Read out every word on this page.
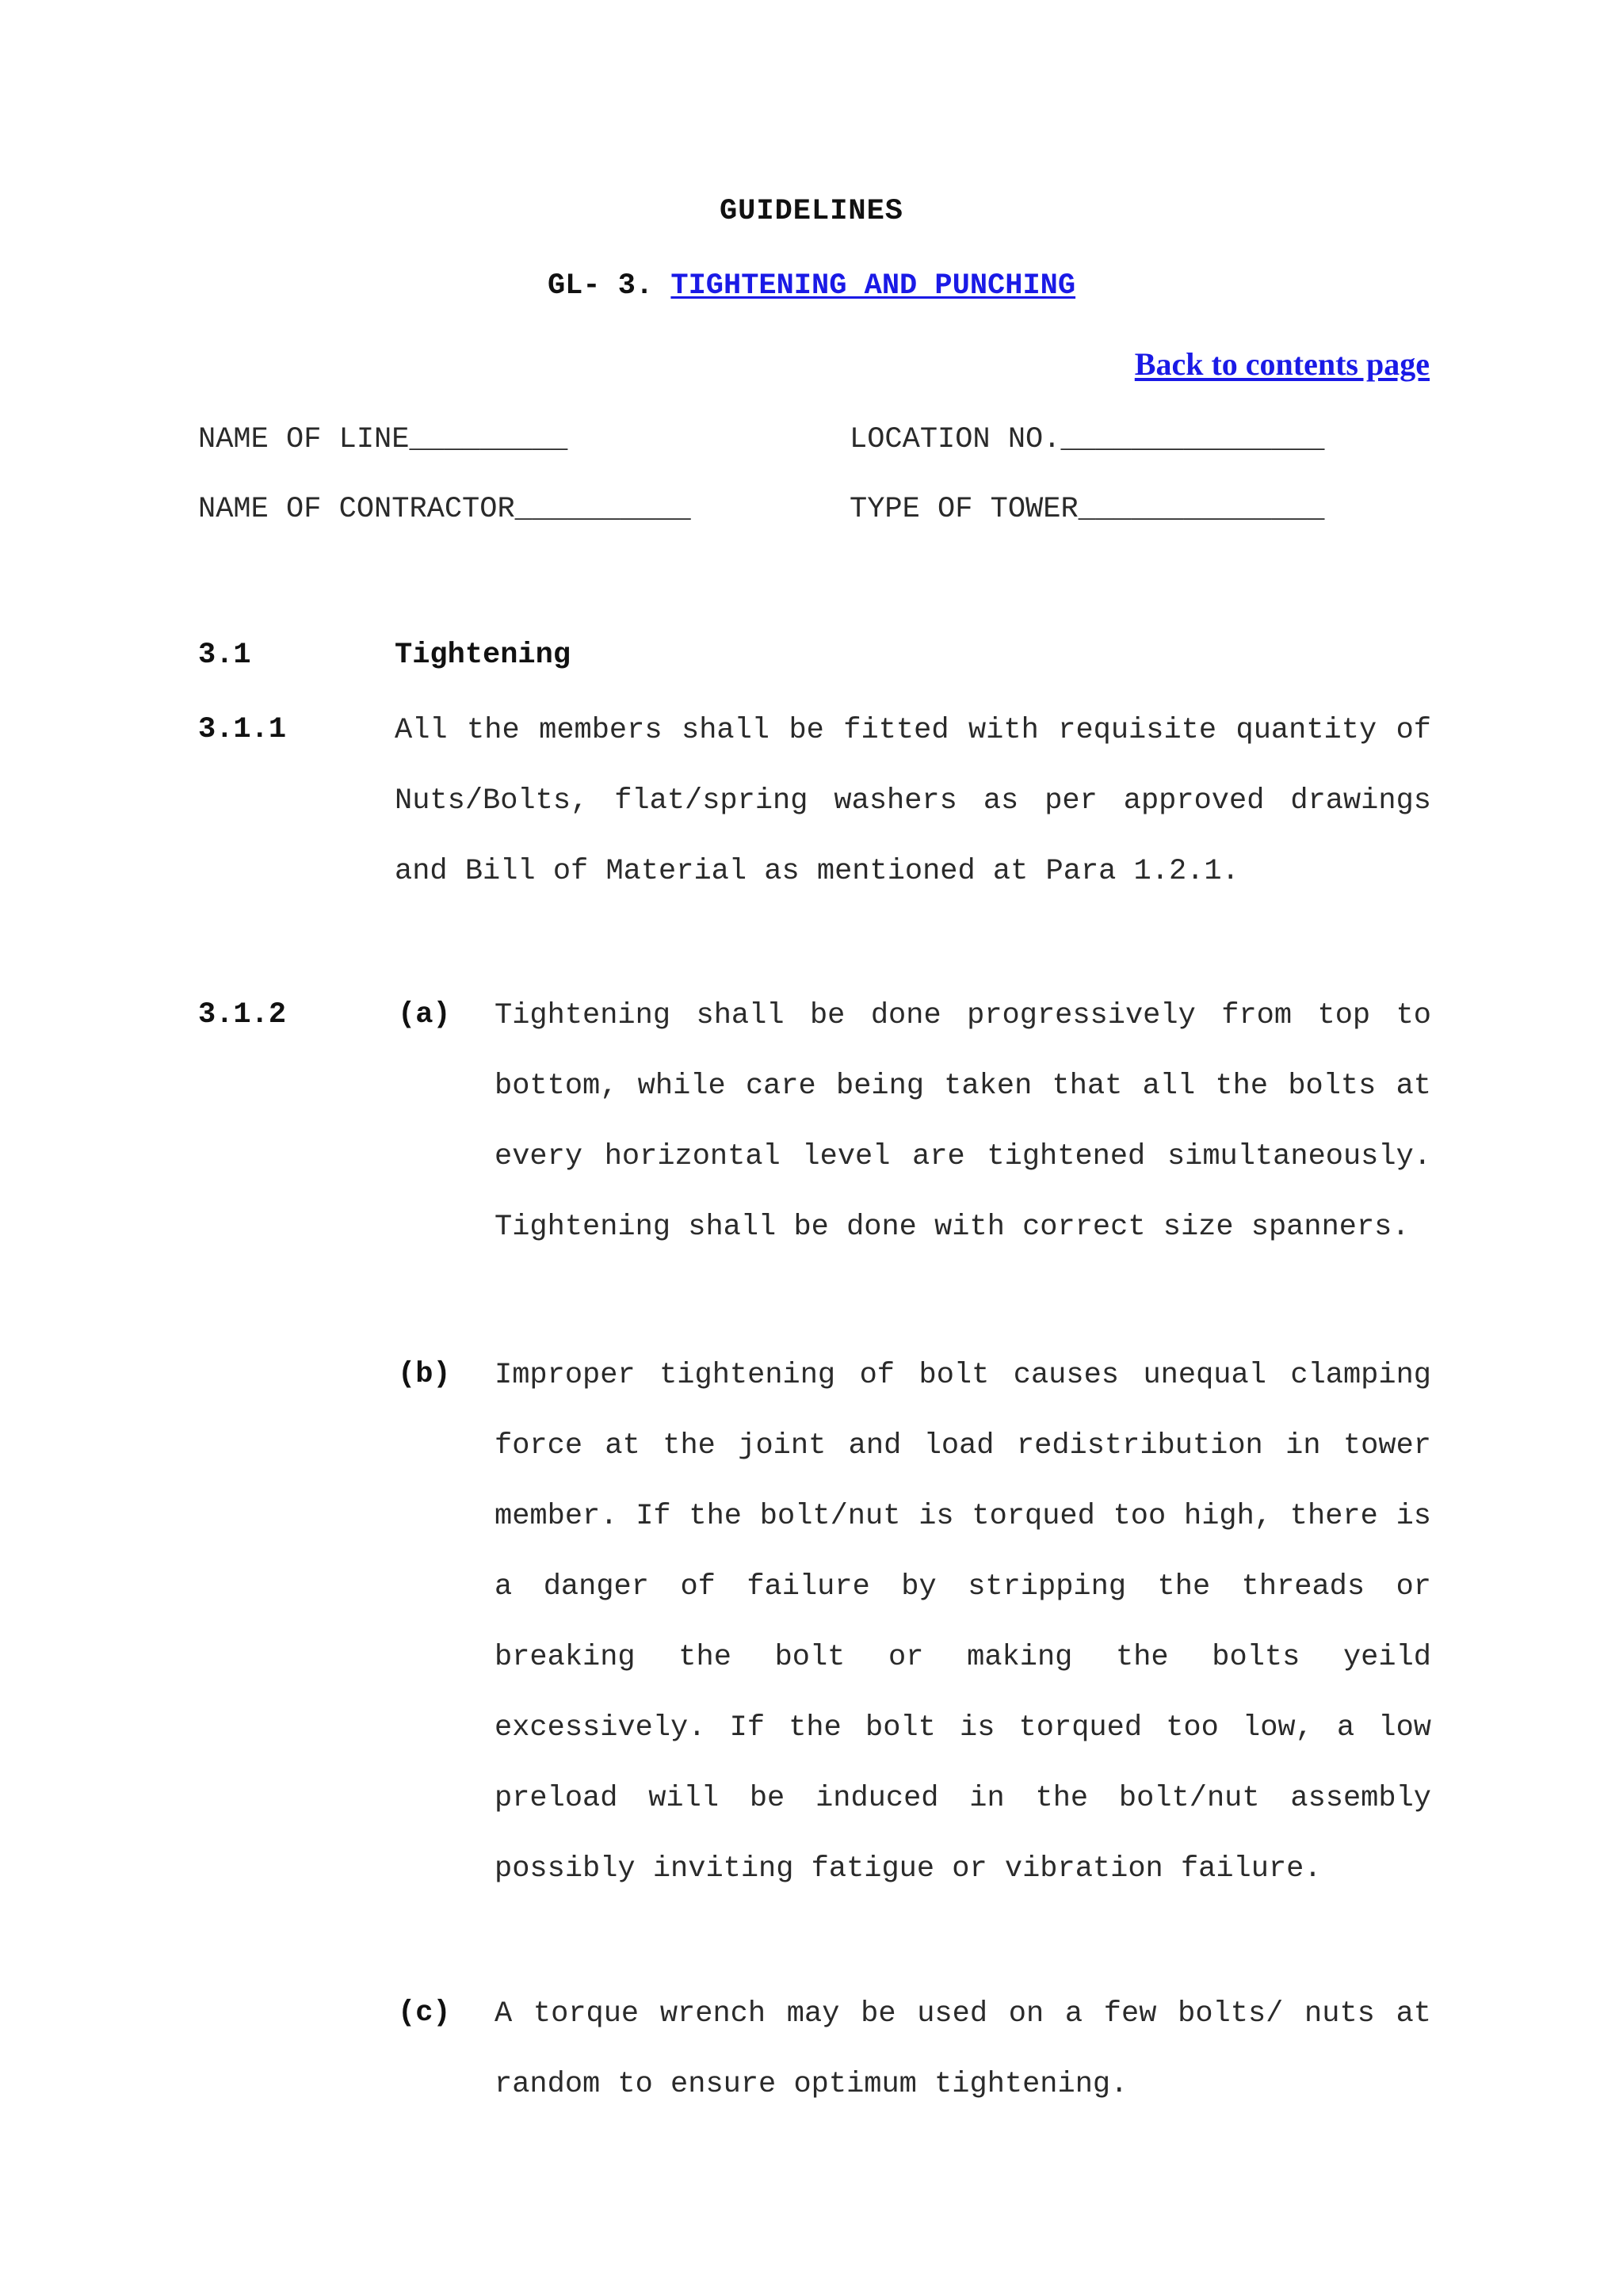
GUIDELINES
GL- 3. TIGHTENING AND PUNCHING
Back to contents page
NAME OF LINE_________	LOCATION NO._______________
NAME OF CONTRACTOR__________	TYPE OF TOWER______________
3.1	Tightening
3.1.1	All the members shall be fitted with requisite quantity of Nuts/Bolts, flat/spring washers as per approved drawings and Bill of Material as mentioned at Para 1.2.1.
3.1.2	(a) Tightening shall be done progressively from top to bottom, while care being taken that all the bolts at every horizontal level are tightened simultaneously. Tightening shall be done with correct size spanners.
(b) Improper tightening of bolt causes unequal clamping force at the joint and load redistribution in tower member. If the bolt/nut is torqued too high, there is a danger of failure by stripping the threads or breaking the bolt or making the bolts yeild excessively. If the bolt is torqued too low, a low preload will be induced in the bolt/nut assembly possibly inviting fatigue or vibration failure.
(c) A torque wrench may be used on a few bolts/ nuts at random to ensure optimum tightening.
